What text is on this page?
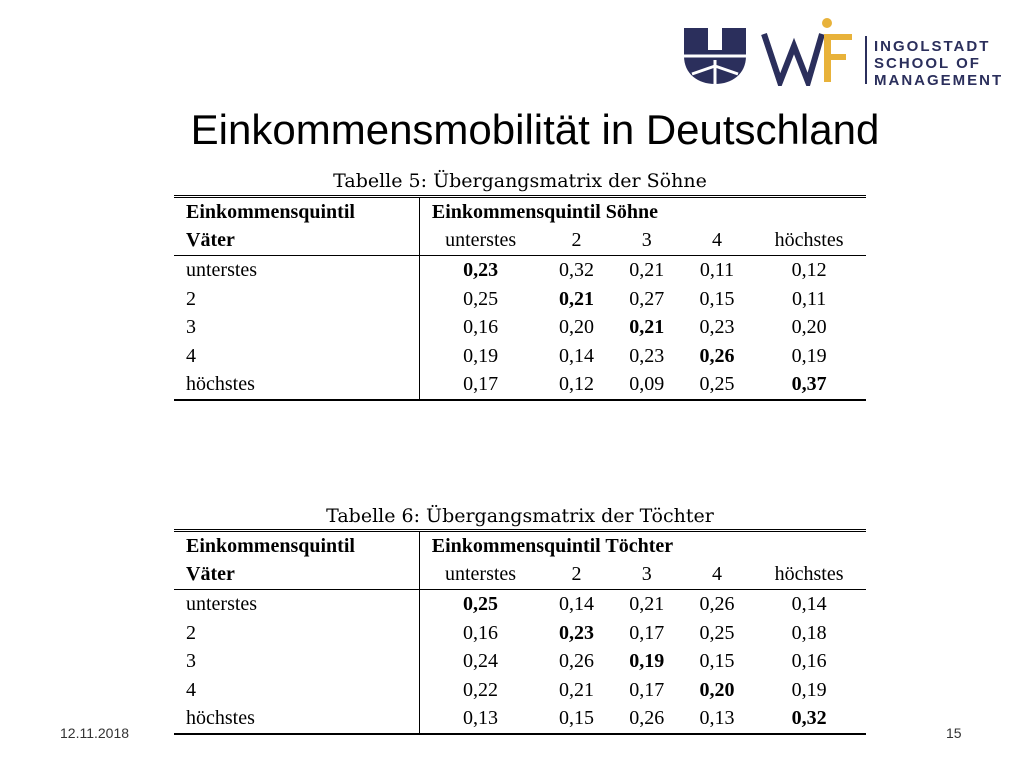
INGOLSTADT
SCHOOL OF
MANAGEMENT
Einkommensmobilität in Deutschland
Tabelle 5: Übergangsmatrix der Söhne
Einkommensquintil	Einkommensquintil Söhne				
Väter	unterstes	2	3	4	höchstes
unterstes	0,23	0,32	0,21	0,11	0,12
2	0,25	0,21	0,27	0,15	0,11
3	0,16	0,20	0,21	0,23	0,20
4	0,19	0,14	0,23	0,26	0,19
höchstes	0,17	0,12	0,09	0,25	0,37
Tabelle 6: Übergangsmatrix der Töchter
Einkommensquintil	Einkommensquintil Töchter				
Väter	unterstes	2	3	4	höchstes
unterstes	0,25	0,14	0,21	0,26	0,14
2	0,16	0,23	0,17	0,25	0,18
3	0,24	0,26	0,19	0,15	0,16
4	0,22	0,21	0,17	0,20	0,19
höchstes	0,13	0,15	0,26	0,13	0,32
12.11.2018	15
